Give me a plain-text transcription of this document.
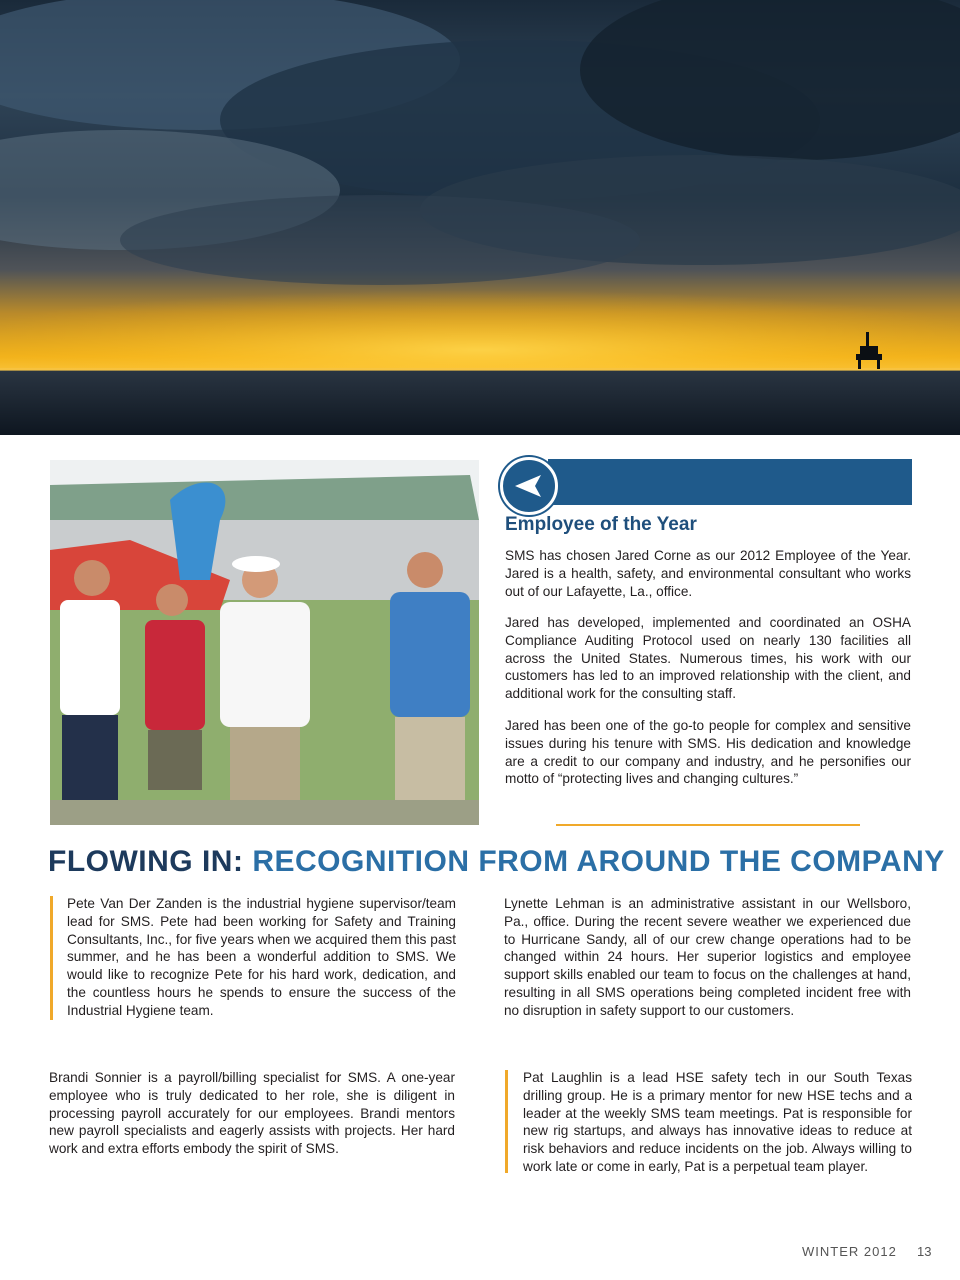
Employee of the Year

SMS has chosen Jared Corne as our 2012 Employee of the Year. Jared is a health, safety, and environmental consultant who works out of our Lafayette, La., office.

Jared has developed, implemented and coordinated an OSHA Compliance Auditing Protocol used on nearly 130 facilities all across the United States. Numerous times, his work with our customers has led to an improved relationship with the client, and additional work for the consulting staff.

Jared has been one of the go-to people for complex and sensitive issues during his tenure with SMS. His dedication and knowledge are a credit to our company and industry, and he personifies our motto of “protecting lives and changing cultures.”

FLOWING IN: RECOGNITION FROM AROUND THE COMPANY

Pete Van Der Zanden is the industrial hygiene supervisor/team lead for SMS. Pete had been working for Safety and Training Consultants, Inc., for five years when we acquired them this past summer, and he has been a wonderful addition to SMS. We would like to recognize Pete for his hard work, dedication, and the countless hours he spends to ensure the success of the Industrial Hygiene team.

Lynette Lehman is an administrative assistant in our Wellsboro, Pa., office. During the recent severe weather we experienced due to Hurricane Sandy, all of our crew change operations had to be changed within 24 hours. Her superior logistics and employee support skills enabled our team to focus on the challenges at hand, resulting in all SMS operations being completed incident free with no disruption in safety support to our customers.

Brandi Sonnier is a payroll/billing specialist for SMS. A one-year employee who is truly dedicated to her role, she is diligent in processing payroll accurately for our employees. Brandi mentors new payroll specialists and eagerly assists with projects. Her hard work and extra efforts embody the spirit of SMS.

Pat Laughlin is a lead HSE safety tech in our South Texas drilling group. He is a primary mentor for new HSE techs and a leader at the weekly SMS team meetings. Pat is responsible for new rig startups, and always has innovative ideas to reduce at risk behaviors and reduce incidents on the job. Always willing to work late or come in early, Pat is a perpetual team player.

WINTER 2012 13
